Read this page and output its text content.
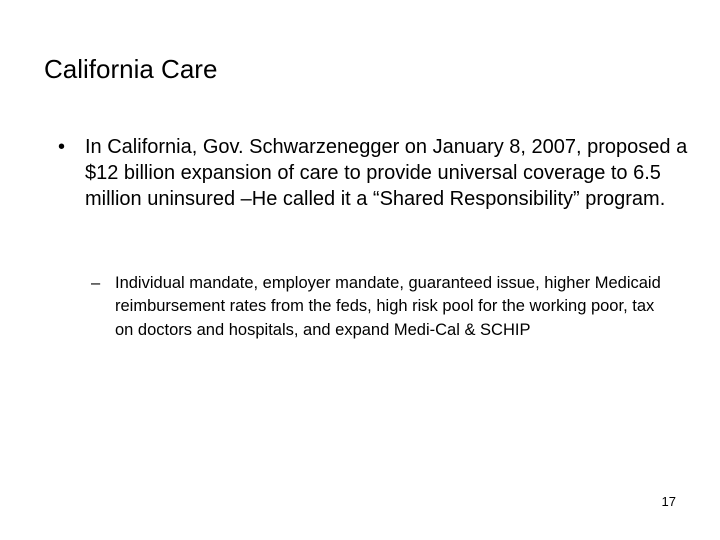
California Care
• In California, Gov. Schwarzenegger on January 8, 2007, proposed a $12 billion expansion of care to provide universal coverage to 6.5 million uninsured –He called it a “Shared Responsibility” program.
– Individual mandate, employer mandate, guaranteed issue, higher Medicaid reimbursement rates from the feds, high risk pool for the working poor, tax on doctors and hospitals, and expand Medi-Cal & SCHIP
17
